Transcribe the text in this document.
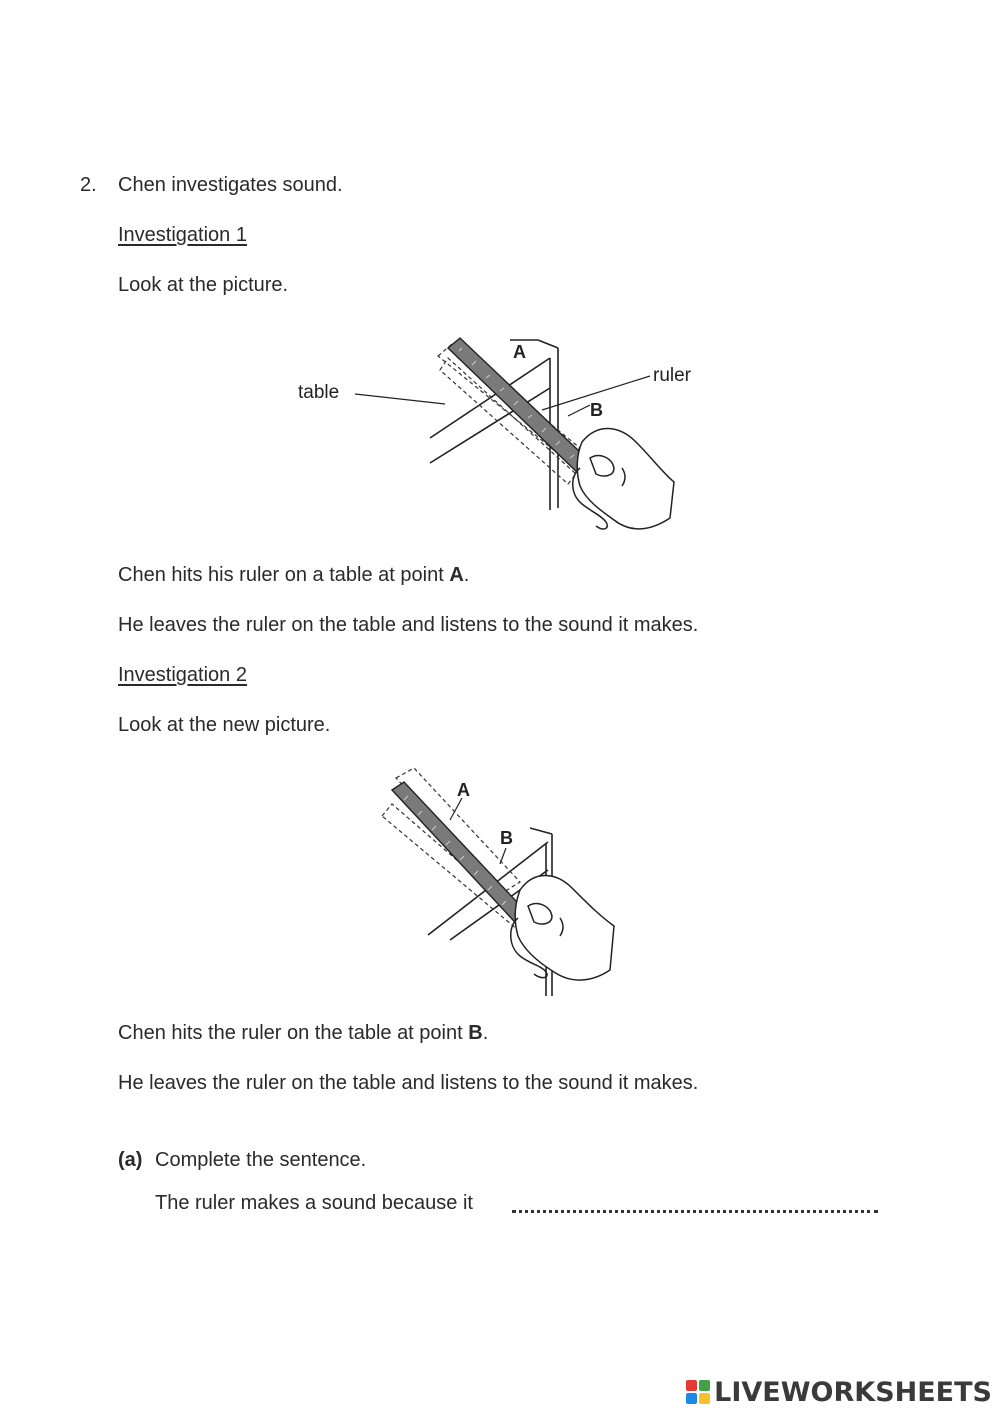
2. Chen investigates sound.
Investigation 1
Look at the picture.
A
B
table
ruler
Chen hits his ruler on a table at point A.
He leaves the ruler on the table and listens to the sound it makes.
Investigation 2
Look at the new picture.
A
B
Chen hits the ruler on the table at point B.
He leaves the ruler on the table and listens to the sound it makes.
(a) Complete the sentence.
The ruler makes a sound because it
LIVEWORKSHEETS
